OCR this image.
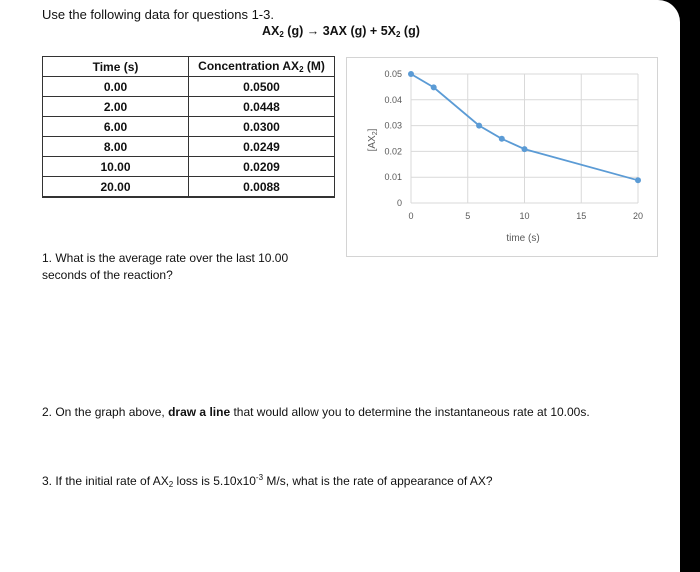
Use the following data for questions 1-3.
$AX_2$ (g) → 3AX $(g) + 5X_2$ (g)
Time (s)	Concentration $AX_2$ (M)
0.00	0.0500
2.00	0.0448
6.00	0.0300
8.00	0.0249
10.00	0.0209
20.00	0.0088
0
0.01
0.02
0.03
0.04
0.05
0	5	10	15	20
time (s)
$[AX_2]$
1. What is the average rate over the last 10.00 seconds of the reaction?
2. On the graph above, draw a line that would allow you to determine the instantaneous rate at 10.00s.
3. If the initial rate of $AX_2$ loss is $5.10x10^{-3}$ M/s, what is the rate of appearance of AX?
